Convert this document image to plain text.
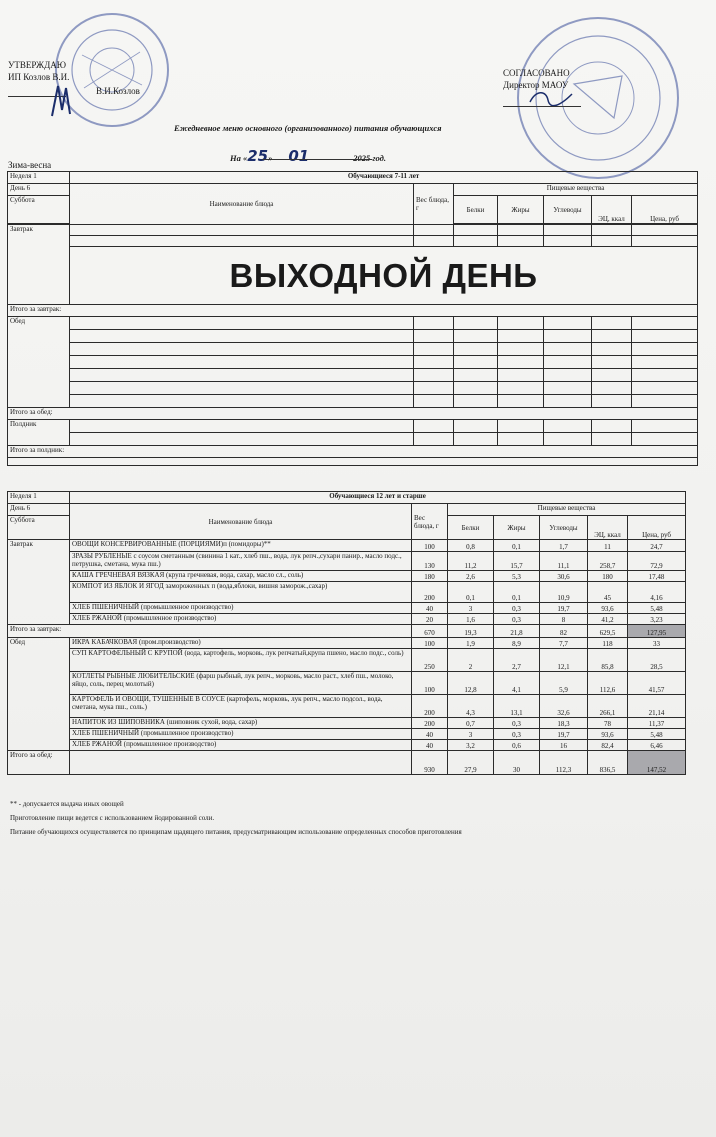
УТВЕРЖДАЮ
ИП Козлов В.И.
В.И.Козлов
СОГЛАСОВАНО
Директор МАОУ
Ежедневное меню основного (организованного) питания обучающихся
На «25» 01	2025 год.
Зима-весна
Неделя 1	Обучающиеся 7-11 лет						
День 6	Наименование блюда	Вес блюда, г	Пищевые вещества				
Суббота			Белки	Жиры	Углеводы	ЭЦ, ккал	Цена, руб

Завтрак							

	ВЫХОДНОЙ ДЕНЬ						
Итого за завтрак:							
Обед							

Итого за обед:							
Полдник							

Итого за полдник:							

Неделя 1	Обучающиеся 12 лет и старше						
День 6	Наименование блюда	Вес блюда, г	Пищевые вещества				
Суббота			Белки	Жиры	Углеводы	ЭЦ, ккал	Цена, руб
Завтрак	ОВОЩИ КОНСЕРВИРОВАННЫЕ (ПОРЦИЯМИ)п (помидоры)**	100	0,8	0,1	1,7	11	24,7
	ЗРАЗЫ РУБЛЕНЫЕ с соусом сметанным (свинина 1 кат., хлеб пш., вода, лук репч.,сухари панир., масло подс., петрушка, сметана, мука пш.)	130	11,2	15,7	11,1	258,7	72,9
	КАША ГРЕЧНЕВАЯ ВЯЗКАЯ (крупа гречневая, вода, сахар, масло сл., соль)	180	2,6	5,3	30,6	180	17,48
	КОМПОТ ИЗ ЯБЛОК И ЯГОД замороженных п (вода,яблоки, вишня заморож.,сахар)	200	0,1	0,1	10,9	45	4,16
	ХЛЕБ ПШЕНИЧНЫЙ (промышленное производство)	40	3	0,3	19,7	93,6	5,48
	ХЛЕБ РЖАНОЙ (промышленное производство)	20	1,6	0,3	8	41,2	3,23
Итого за завтрак:		670	19,3	21,8	82	629,5	127,95
Обед	ИКРА КАБАЧКОВАЯ (пром.производство)	100	1,9	8,9	7,7	118	33
	СУП КАРТОФЕЛЬНЫЙ С КРУПОЙ (вода, картофель, морковь, лук репчатый,крупа пшено, масло подс., соль)	250	2	2,7	12,1	85,8	28,5
	КОТЛЕТЫ РЫБНЫЕ ЛЮБИТЕЛЬСКИЕ (фарш рыбный, лук репч., морковь, масло раст., хлеб пш., молоко, яйцо, соль, перец молотый)	100	12,8	4,1	5,9	112,6	41,57
	КАРТОФЕЛЬ И ОВОЩИ, ТУШЕННЫЕ В СОУСЕ (картофель, морковь, лук репч., масло подсол., вода, сметана, мука пш., соль.)	200	4,3	13,1	32,6	266,1	21,14
	НАПИТОК ИЗ ШИПОВНИКА (шиповник сухой, вода, сахар)	200	0,7	0,3	18,3	78	11,37
	ХЛЕБ ПШЕНИЧНЫЙ (промышленное производство)	40	3	0,3	19,7	93,6	5,48
	ХЛЕБ РЖАНОЙ (промышленное производство)	40	3,2	0,6	16	82,4	6,46
Итого за обед:		930	27,9	30	112,3	836,5	147,52
** - допускается выдача иных овощей
Приготовление пищи ведется с использованием йодированной соли.
Питание обучающихся осуществляется по принципам щадящего питания, предусматривающим использование определенных способов приготовления
